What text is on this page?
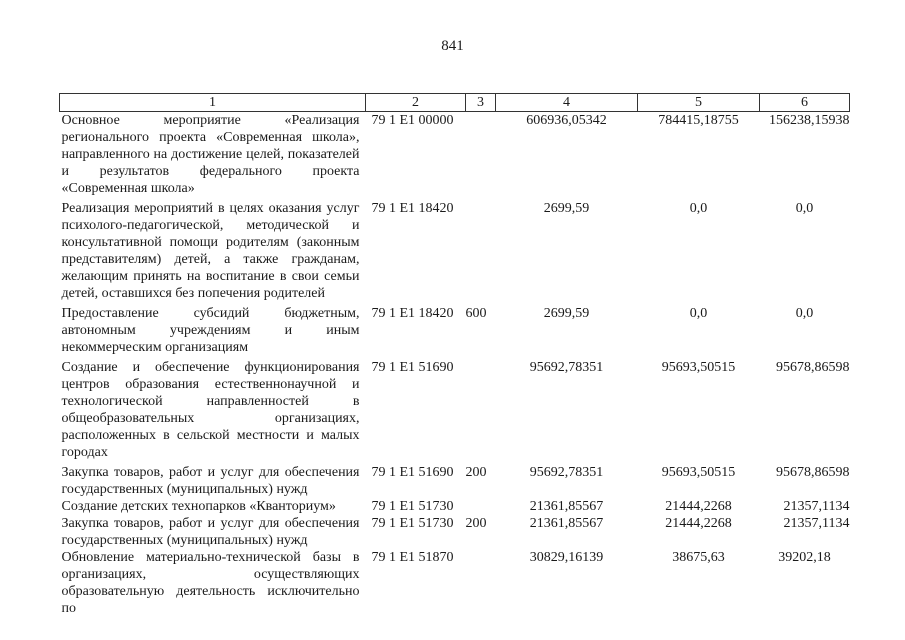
841
1	2	3	4	5	6
Основное мероприятие «Реализация регионального проекта «Современная школа», направленного на достижение целей, показателей и результатов федерального проекта «Современная школа»	79 1 E1 00000		606936,05342	784415,18755	156238,15938
Реализация мероприятий в целях оказания услуг психолого-педагогической, методической и консультативной помощи родителям (законным представителям) детей, а также гражданам, желающим принять на воспитание в свои семьи детей, оставшихся без попечения родителей	79 1 E1 18420		2699,59	0,0	0,0
Предоставление субсидий бюджетным, автономным учреждениям и иным некоммерческим организациям	79 1 E1 18420	600	2699,59	0,0	0,0
Создание и обеспечение функционирования центров образования естественнонаучной и технологической направленностей в общеобразовательных организациях, расположенных в сельской местности и малых городах	79 1 E1 51690		95692,78351	95693,50515	95678,86598
Закупка товаров, работ и услуг для обеспечения государственных (муниципальных) нужд	79 1 E1 51690	200	95692,78351	95693,50515	95678,86598
Создание детских технопарков «Кванториум»	79 1 E1 51730		21361,85567	21444,2268	21357,1134
Закупка товаров, работ и услуг для обеспечения государственных (муниципальных) нужд	79 1 E1 51730	200	21361,85567	21444,2268	21357,1134
Обновление материально-технической базы в организациях, осуществляющих образовательную деятельность исключительно по	79 1 E1 51870		30829,16139	38675,63	39202,18
